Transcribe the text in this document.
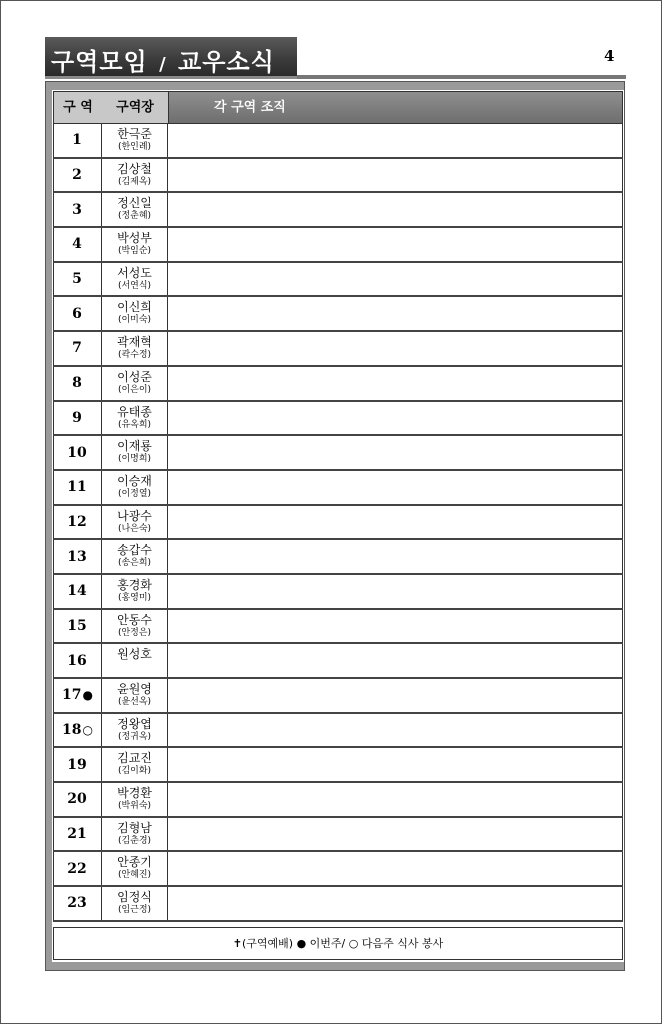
구역모임 / 교우소식	4
구 역	구역장	각 구역 조직
1	한극준
(한인례)
2	김상철
(김제옥)
3	정신일
(정춘혜)
4	박성부
(박임순)
5	서성도
(서연식)
6	이신희
(이미숙)
7	곽재혁
(곽수정)
8	이성준
(이은이)
9	유태종
(유옥희)
10	이재룡
(이명희)
11	이승재
(이정열)
12	나광수
(나은숙)
13	송갑수
(송은희)
14	홍경화
(홍영미)
15	안동수
(안정은)
16	원성호
17 ●	윤원영
(윤선옥)
18 ○	정왕엽
(정귀옥)
19	김교진
(김이화)
20	박경환
(박위숙)
21	김형남
(김춘경)
22	안종기
(안혜진)
23	임정식
(임근정)
✝(구역예배) ● 이번주/ ○ 다음주 식사 봉사
